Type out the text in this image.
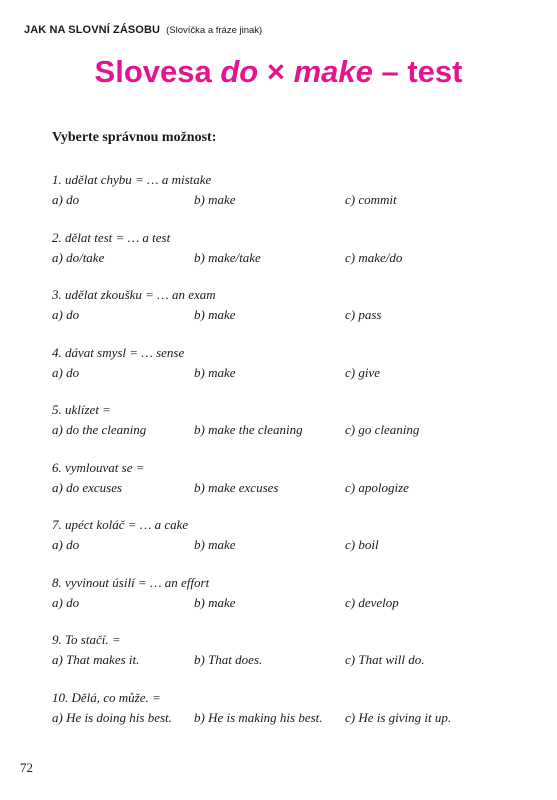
JAK NA SLOVNÍ ZÁSOBU (Slovíčka a fráze jinak)
Slovesa do × make – test
Vyberte správnou možnost:
1. udělat chybu = … a mistake
a) do	b) make	c) commit
2. dělat test = … a test
a) do/take	b) make/take	c) make/do
3. udělat zkoušku = … an exam
a) do	b) make	c) pass
4. dávat smysl = … sense
a) do	b) make	c) give
5. uklízet =
a) do the cleaning	b) make the cleaning	c) go cleaning
6. vymlouvat se =
a) do excuses	b) make excuses	c) apologize
7. upéct koláč = … a cake
a) do	b) make	c) boil
8. vyvinout úsilí = … an effort
a) do	b) make	c) develop
9. To stačí. =
a) That makes it.	b) That does.	c) That will do.
10. Dělá, co může. =
a) He is doing his best. b) He is making his best. c) He is giving it up.
72
